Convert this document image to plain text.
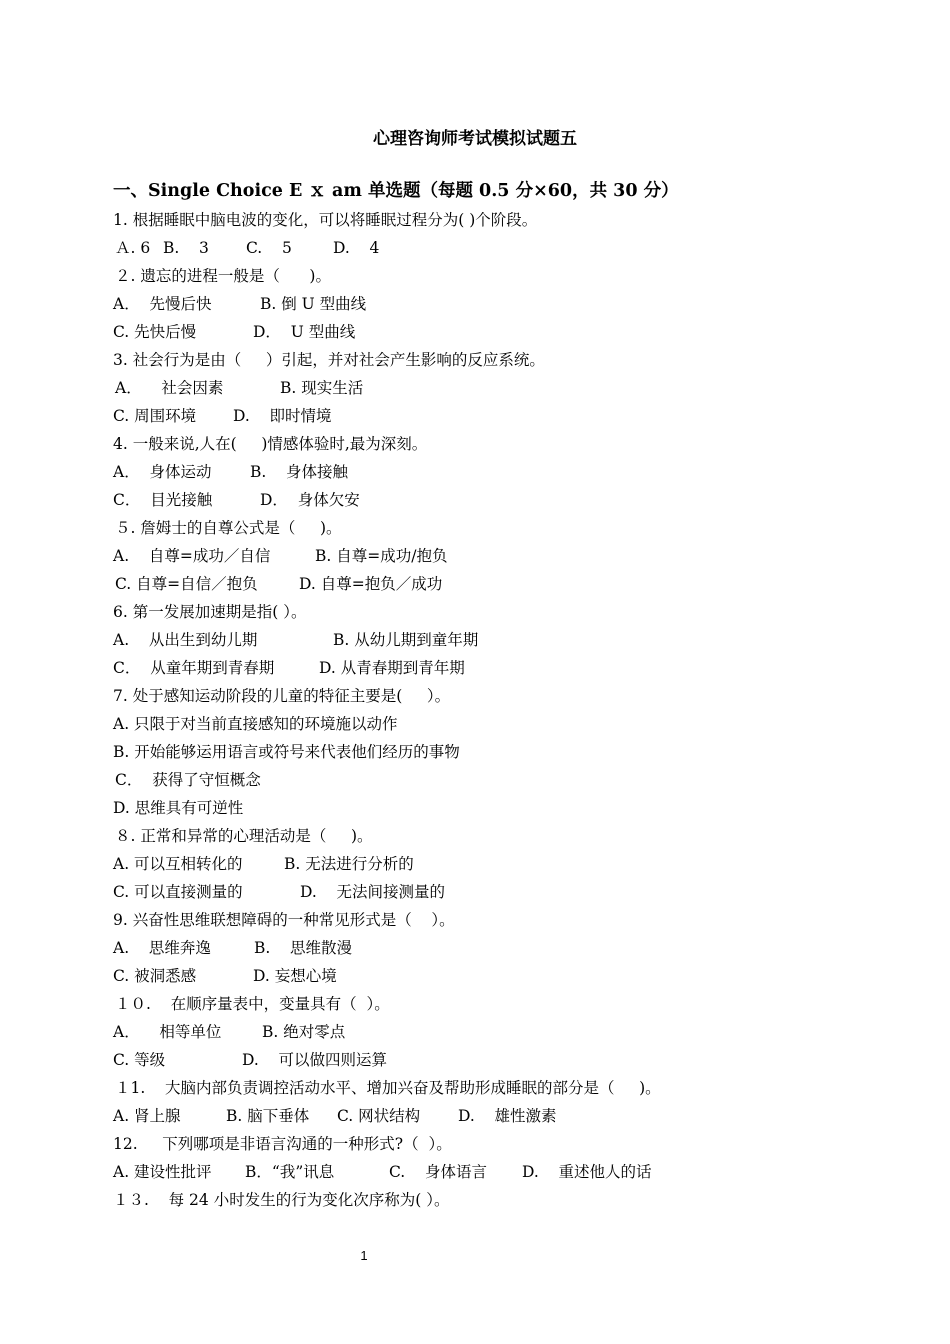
心理咨询师考试模拟试题五
一、Single Choice E ｘ am 单选题（每题 0.5 分×60，共 30 分）
1. 根据睡眠中脑电波的变化，可以将睡眠过程分为( )个阶段。
Ａ. 6 B.    3 C.    5	D.    4
２. 遗忘的进程一般是（      )。
A．  先慢后快	B. 倒 U 型曲线
C. 先快后慢	D．  U 型曲线
3. 社会行为是由（     ）引起，并对社会产生影响的反应系统。
A．    社会因素	B. 现实生活
C. 周围环境 D.    即时情境
4. 一般来说,人在(     )情感体验时,最为深刻。
A．  身体运动 B.    身体接触
C．  目光接触	D．  身体欠安
５. 詹姆士的自尊公式是（     )。
A.    自尊=成功／自信	B. 自尊=成功/抱负
C. 自尊=自信／抱负	D. 自尊=抱负／成功
6. 第一发展加速期是指( ）。
A.    从出生到幼儿期	B. 从幼儿期到童年期
C．  从童年期到青春期	D. 从青春期到青年期
7. 处于感知运动阶段的儿童的特征主要是(     ）。
A. 只限于对当前直接感知的环境施以动作
B. 开始能够运用语言或符号来代表他们经历的事物
C．  获得了守恒概念
D. 思维具有可逆性
８. 正常和异常的心理活动是（     )。
A. 可以互相转化的	B. 无法进行分析的
C. 可以直接测量的	D.    无法间接测量的
9. 兴奋性思维联想障碍的一种常见形式是（    ）。
A.    思维奔逸	B.    思维散漫
C. 被洞悉感	D. 妄想心境
１０.    在顺序量表中，变量具有（  ）。
A．    相等单位	B. 绝对零点
C. 等级	D.    可以做四则运算
１1.    大脑内部负责调控活动水平、增加兴奋及帮助形成睡眠的部分是（     )。
A. 肾上腺	B. 脑下垂体 C. 网状结构 D.    雄性激素
12.     下列哪项是非语言沟通的一种形式?（  ）。
A. 建设性批评 B．“我”讯息	C.    身体语言 D.    重述他人的话
１３.    每 24 小时发生的行为变化次序称为( ）。
1
